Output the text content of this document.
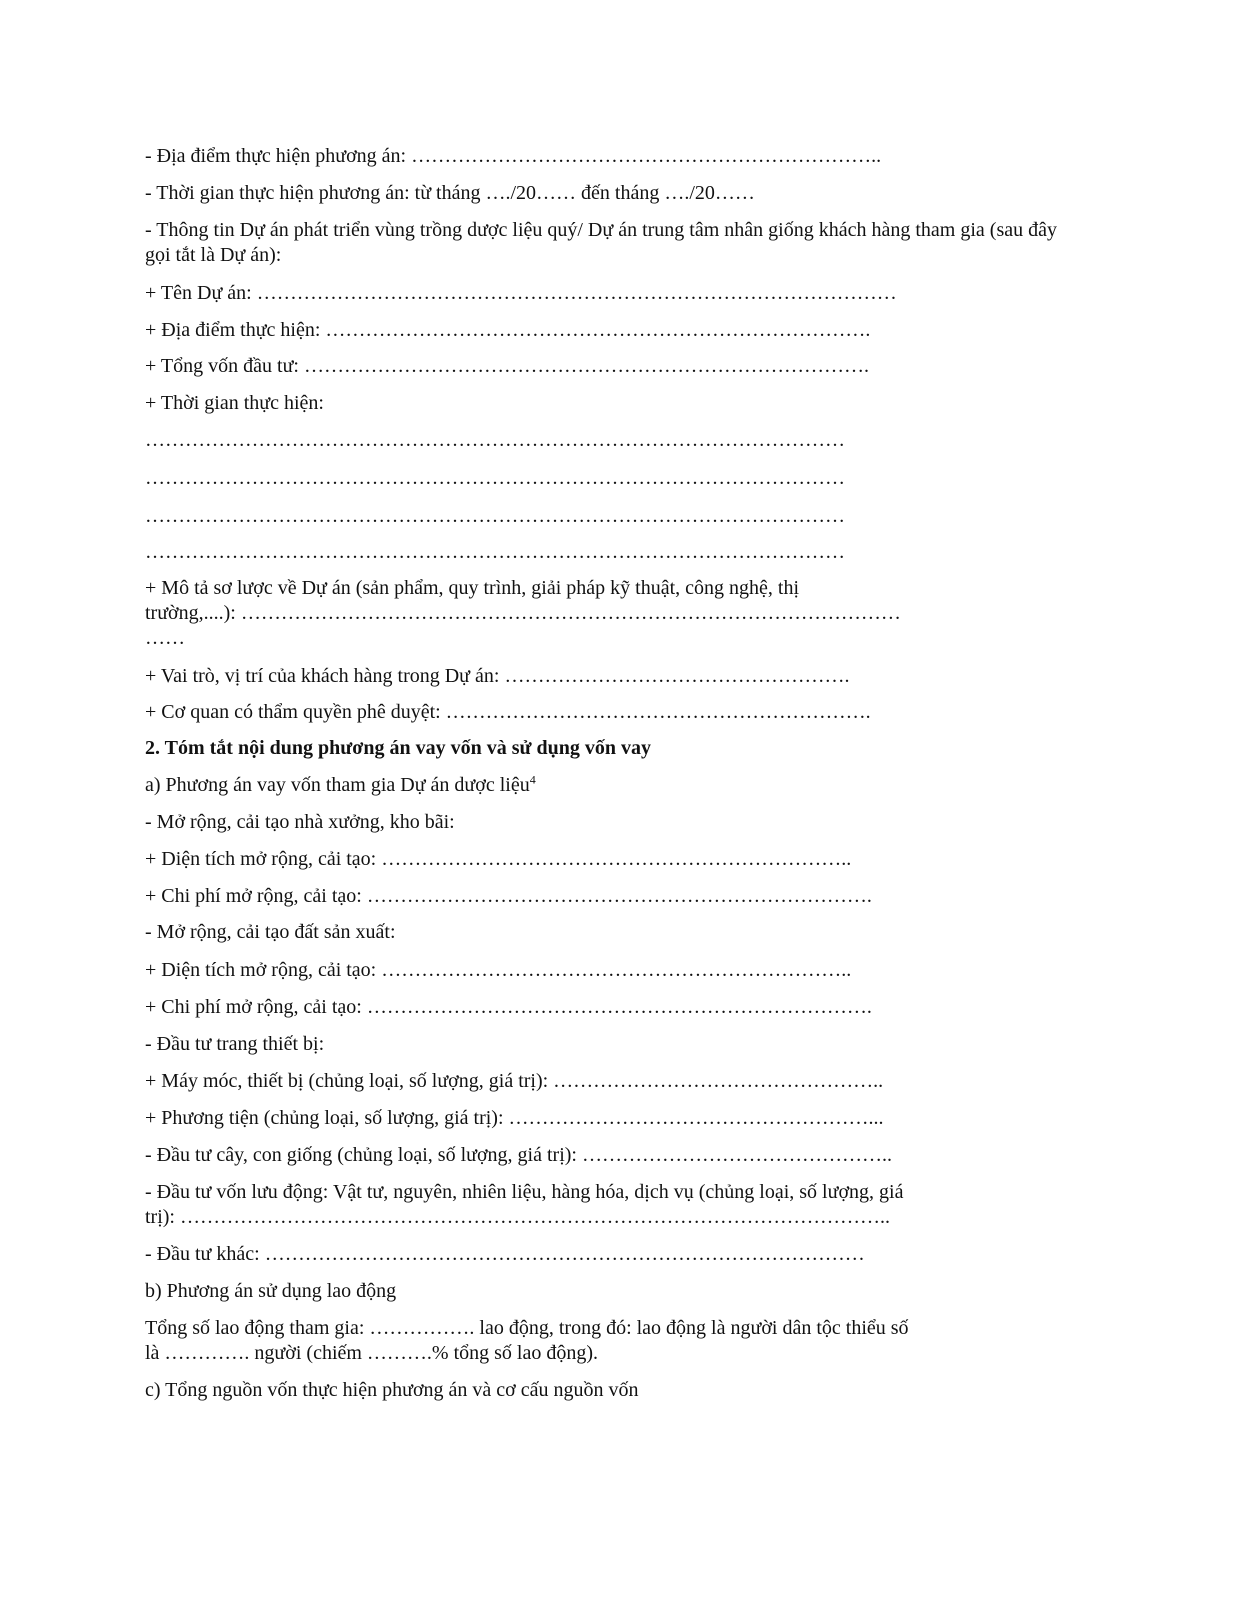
- Địa điểm thực hiện phương án: ……………………………………………………………..
- Thời gian thực hiện phương án: từ tháng …./20…… đến tháng …./20……
- Thông tin Dự án phát triển vùng trồng dược liệu quý/ Dự án trung tâm nhân giống khách hàng tham gia (sau đây gọi tắt là Dự án):
+ Tên Dự án: ……………………………………………………………………………………
+ Địa điểm thực hiện: ……………………………………………………………………….
+ Tổng vốn đầu tư: ………………………………………………………………………….
+ Thời gian thực hiện:
……………………………………………………………………………………………
……………………………………………………………………………………………
……………………………………………………………………………………………
……………………………………………………………………………………………
+ Mô tả sơ lược về Dự án (sản phẩm, quy trình, giải pháp kỹ thuật, công nghệ, thị
trường,....): ………………………………………………………………………………………
……
+ Vai trò, vị trí của khách hàng trong Dự án: …………………………………………….
+ Cơ quan có thẩm quyền phê duyệt: ……………………………………………………….
2. Tóm tắt nội dung phương án vay vốn và sử dụng vốn vay
a) Phương án vay vốn tham gia Dự án dược liệu$^4$
- Mở rộng, cải tạo nhà xưởng, kho bãi:
+ Diện tích mở rộng, cải tạo: ……………………………………………………………..
+ Chi phí mở rộng, cải tạo: ………………………………………………………………….
- Mở rộng, cải tạo đất sản xuất:
+ Diện tích mở rộng, cải tạo: ……………………………………………………………..
+ Chi phí mở rộng, cải tạo: ………………………………………………………………….
- Đầu tư trang thiết bị:
+ Máy móc, thiết bị (chủng loại, số lượng, giá trị): …………………………………………..
+ Phương tiện (chủng loại, số lượng, giá trị): ………………………………………………...
- Đầu tư cây, con giống (chủng loại, số lượng, giá trị): ………………………………………..
- Đầu tư vốn lưu động: Vật tư, nguyên, nhiên liệu, hàng hóa, dịch vụ (chủng loại, số lượng, giá
trị): ……………………………………………………………………………………………..
- Đầu tư khác: ………………………………………………………………………………
b) Phương án sử dụng lao động
Tổng số lao động tham gia: ……………. lao động, trong đó: lao động là người dân tộc thiểu số
là …………. người (chiếm ……….% tổng số lao động).
c) Tổng nguồn vốn thực hiện phương án và cơ cấu nguồn vốn
